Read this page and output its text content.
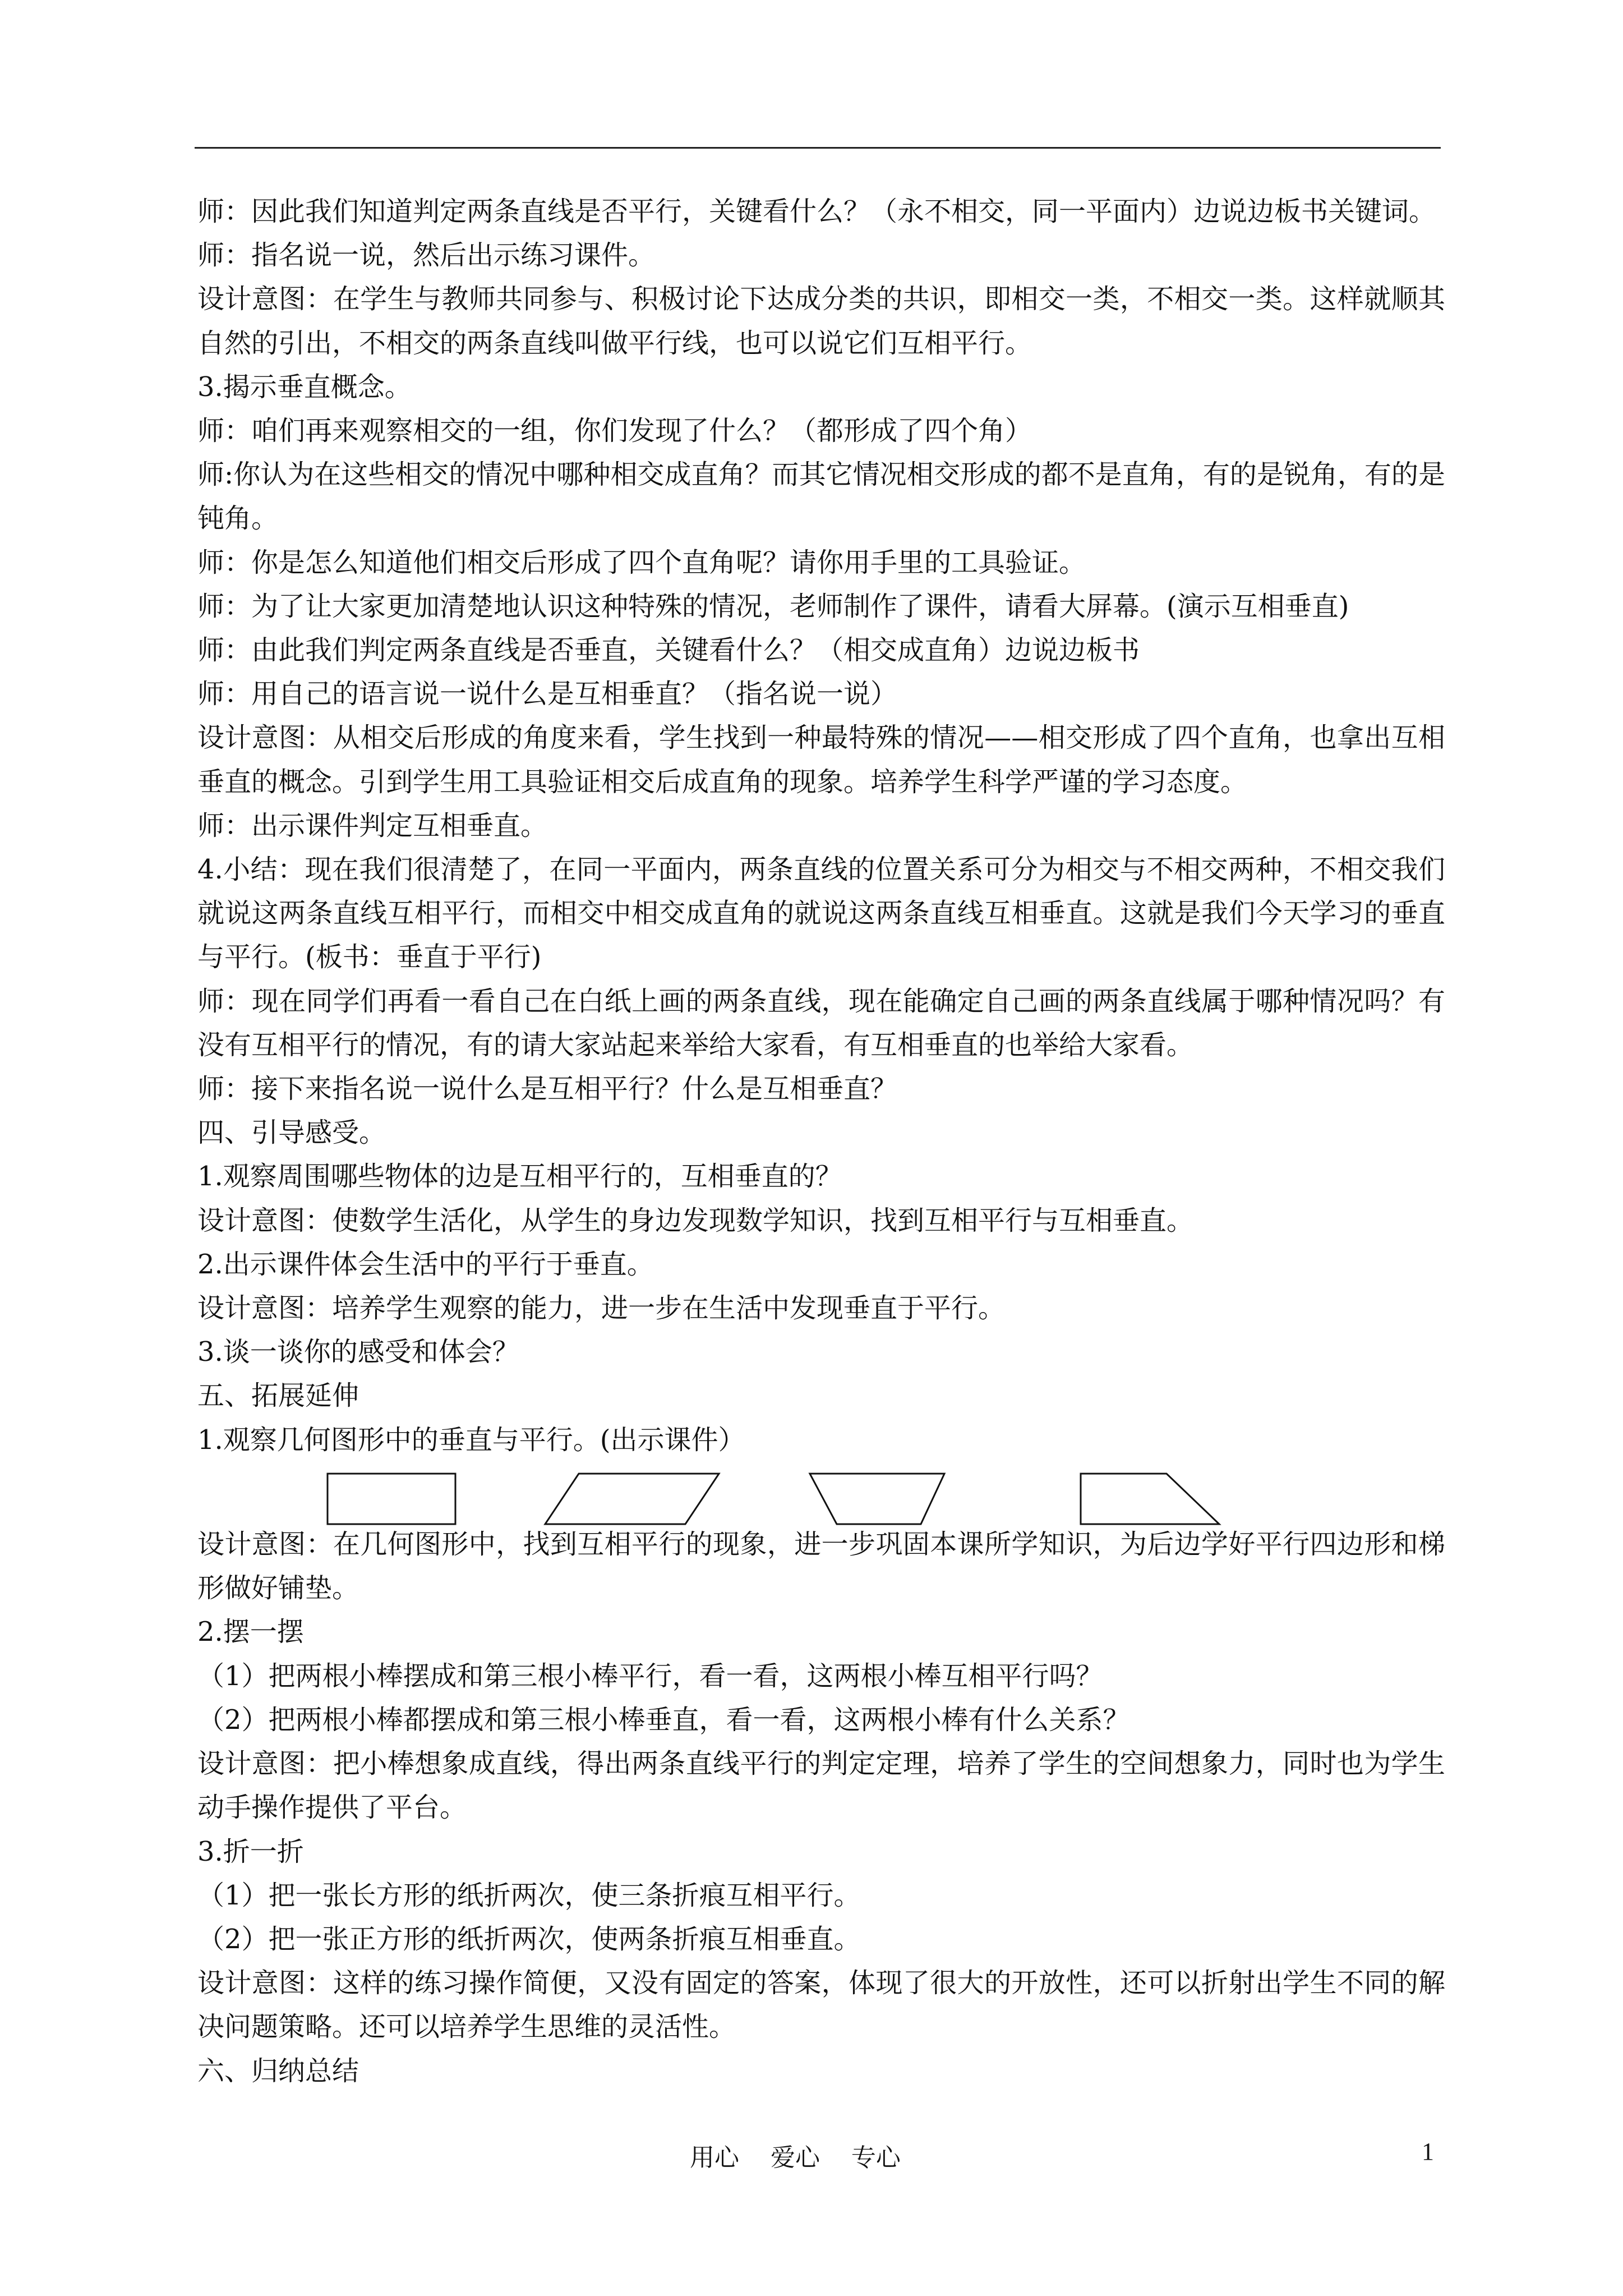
师：因此我们知道判定两条直线是否平行，关键看什么？（永不相交，同一平面内）边说边板书关键词。

师：指名说一说，然后出示练习课件。

设计意图：在学生与教师共同参与、积极讨论下达成分类的共识，即相交一类，不相交一类。这样就顺其自然的引出，不相交的两条直线叫做平行线，也可以说它们互相平行。

3.揭示垂直概念。

师：咱们再来观察相交的一组，你们发现了什么？（都形成了四个角）

师:你认为在这些相交的情况中哪种相交成直角？而其它情况相交形成的都不是直角，有的是锐角，有的是钝角。

师：你是怎么知道他们相交后形成了四个直角呢？请你用手里的工具验证。

师：为了让大家更加清楚地认识这种特殊的情况，老师制作了课件，请看大屏幕。(演示互相垂直)

师：由此我们判定两条直线是否垂直，关键看什么？（相交成直角）边说边板书

师：用自己的语言说一说什么是互相垂直？（指名说一说）

设计意图：从相交后形成的角度来看，学生找到一种最特殊的情况——相交形成了四个直角，也拿出互相垂直的概念。引到学生用工具验证相交后成直角的现象。培养学生科学严谨的学习态度。

师：出示课件判定互相垂直。

4.小结：现在我们很清楚了，在同一平面内，两条直线的位置关系可分为相交与不相交两种，不相交我们就说这两条直线互相平行，而相交中相交成直角的就说这两条直线互相垂直。这就是我们今天学习的垂直与平行。(板书：垂直于平行)

师：现在同学们再看一看自己在白纸上画的两条直线，现在能确定自己画的两条直线属于哪种情况吗？有没有互相平行的情况，有的请大家站起来举给大家看，有互相垂直的也举给大家看。

师：接下来指名说一说什么是互相平行？什么是互相垂直？

四、引导感受。

1.观察周围哪些物体的边是互相平行的，互相垂直的？

设计意图：使数学生活化，从学生的身边发现数学知识，找到互相平行与互相垂直。

2.出示课件体会生活中的平行于垂直。

设计意图：培养学生观察的能力，进一步在生活中发现垂直于平行。

3.谈一谈你的感受和体会？

五、拓展延伸

1.观察几何图形中的垂直与平行。(出示课件）

设计意图：在几何图形中，找到互相平行的现象，进一步巩固本课所学知识，为后边学好平行四边形和梯形做好铺垫。

2.摆一摆

（1）把两根小棒摆成和第三根小棒平行，看一看，这两根小棒互相平行吗？

（2）把两根小棒都摆成和第三根小棒垂直，看一看，这两根小棒有什么关系？

设计意图：把小棒想象成直线，得出两条直线平行的判定定理，培养了学生的空间想象力，同时也为学生动手操作提供了平台。

3.折一折

（1）把一张长方形的纸折两次，使三条折痕互相平行。

（2）把一张正方形的纸折两次，使两条折痕互相垂直。

设计意图：这样的练习操作简便，又没有固定的答案，体现了很大的开放性，还可以折射出学生不同的解决问题策略。还可以培养学生思维的灵活性。

六、归纳总结

用心    爱心    专心	1
